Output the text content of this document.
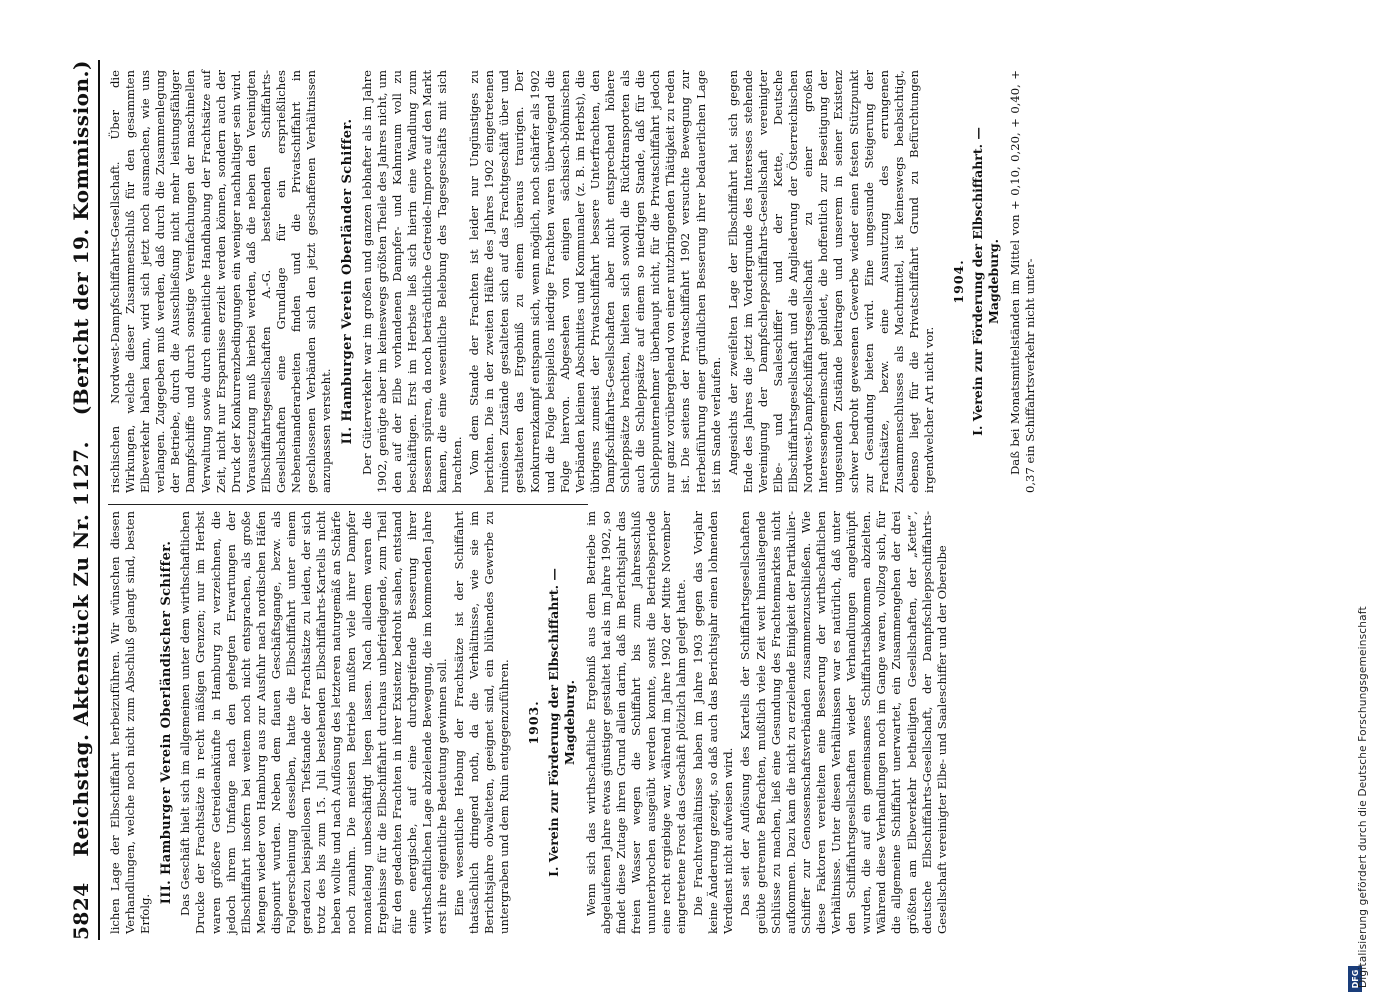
5824
Reichstag. Aktenstück Zu Nr. 1127.
(Bericht der 19. Kommission.)

lichen Lage der Elbschiffahrt herbeizuführen. Wir wünschen diesen Verhandlungen, welche noch nicht zum Abschluß gelangt sind, besten Erfolg.

III. Hamburger Verein Oberländischer Schiffer. Das Geschäft hielt sich im allgemeinen unter dem wirthschaftlichen Drucke der Frachtsätze in recht mäßigen Grenzen; nur im Herbst waren größere Getreideankünfte in Hamburg zu verzeichnen, die jedoch ihrem Umfange nach den gehegten Erwartungen der Elbschiffahrt insofern bei weitem noch nicht entsprachen, als große Mengen wieder von Hamburg aus zur Ausfuhr nach nordischen Häfen disponirt wurden. Neben dem flauen Geschäftsgange, bezw. als Folgeerscheinung desselben, hatte die Elbschiffahrt unter einem geradezu beispiellosen Tiefstande der Frachtsätze zu leiden, der sich trotz des bis zum 15. Juli bestehenden Elbschiffahrts-Kartells nicht heben wollte und nach Auflösung des letzteren naturgemäß an Schärfe noch zunahm. Die meisten Betriebe mußten viele ihrer Dampfer monatelang unbeschäftigt liegen lassen. Nach alledem waren die Ergebnisse für die Elbschiffahrt durchaus unbefriedigende, zum Theil für den gedachten Frachten in ihrer Existenz bedroht sahen, entstand eine energische, auf eine durchgreifende Besserung ihrer wirthschaftlichen Lage abzielende Bewegung, die im kommenden Jahre erst ihre eigentliche Bedeutung gewinnen soll. Eine wesentliche Hebung der Frachtsätze ist der Schiffahrt thatsächlich dringend noth, da die Verhältnisse, wie sie im Berichtsjahre obwalteten, geeignet sind, ein blühendes Gewerbe zu untergraben und dem Ruin entgegenzuführen. 1903. I. Verein zur Förderung der Elbschiffahrt. —
Magdeburg. Wenn sich das wirthschaftliche Ergebniß aus dem Betriebe im abgelaufenen Jahre etwas günstiger gestaltet hat als im Jahre 1902, so findet diese Zutage ihren Grund allein darin, daß im Berichtsjahr das freien Wasser wegen die Schiffahrt bis zum Jahresschluß ununterbrochen ausgeübt werden konnte, sonst die Betriebsperiode eine recht ergiebige war, während im Jahre 1902 der Mitte November eingetretene Frost das Geschäft plötzlich lahm gelegt hatte. Die Frachtverhältnisse haben im Jahre 1903 gegen das Vorjahr keine Änderung gezeigt, so daß auch das Berichtsjahr einen lohnenden Verdienst nicht aufweisen wird. Das seit der Auflösung des Kartells der Schiffahrtsgesellschaften geübte getrennte Befrachten, mußtlich viele Zeit weit hinausliegende Schlüsse zu machen, ließ eine Gesundung des Frachtenmarktes nicht aufkommen. Dazu kam die nicht zu erzielende Einigkeit der Partikulier-Schiffer zur Genossenschaftsverbänden zusammenzuschließen. Wie diese Faktoren vereitelten eine Besserung der wirthschaftlichen Verhältnisse. Unter diesen Verhältnissen war es natürlich, daß unter den Schiffahrtsgesellschaften wieder Verhandlungen angeknüpft wurden, die auf ein gemeinsames Schiffahrtsabkommen abzielten. Während diese Verhandlungen noch im Gange waren, vollzog sich, für die allgemeine Schiffahrt unerwartet, ein Zusammengehen der drei größten am Elbeverkehr betheiligten Gesellschaften, der „Kette“, deutsche Elbschiffahrts-Gesellschaft, der Dampfschleppschiffahrts-Gesellschaft vereinigter Elbe- und Saaleschiffer und der Oberelbe

rischischen Nordwest-Dampfschiffahrts-Gesellschaft. Über die Wirkungen, welche dieser Zusammenschluß für den gesammten Elbeverkehr haben kann, wird sich jetzt noch ausmachen, wie uns verlangen. Zugegeben muß werden, daß durch die Zusammenlegung der Betriebe, durch die Ausschließung nicht mehr leistungsfähiger Dampfschiffe und durch sonstige Vereinfachungen der maschinellen Verwaltung sowie durch einheitliche Handhabung der Frachtsätze auf Zeit, nicht nur Ersparnisse erzielt werden können, sondern auch der Druck der Konkurrenzbedingungen ein weniger nachhaltiger sein wird. Voraussetzung muß hierbei werden, daß die neben den Vereinigten Elbschiffahrtsgesellschaften A.-G. bestehenden Schiffahrts-Gesellschaften eine Grundlage für ein ersprießliches Nebeneinanderarbeiten finden und die Privatschiffahrt in geschlossenen Verbänden sich den jetzt geschaffenen Verhältnissen anzupassen versteht. II. Hamburger Verein Oberländer Schiffer. Der Güterverkehr war im großen und ganzen lebhafter als im Jahre 1902, genügte aber im keineswegs größten Theile des Jahres nicht, um den auf der Elbe vorhandenen Dampfer- und Kahnraum voll zu beschäftigen. Erst im Herbste ließ sich hierin eine Wandlung zum Bessern spüren, da noch beträchtliche Getreide-Importe auf den Markt kamen, die eine wesentliche Belebung des Tagesgeschäfts mit sich brachten. Vom dem Stande der Frachten ist leider nur Ungünstiges zu berichten. Die in der zweiten Hälfte des Jahres 1902 eingetretenen ruinösen Zustände gestalteten sich auf das Frachtgeschäft über und gestalteten das Ergebniß zu einem überaus traurigen. Der Konkurrenzkampf entspann sich, wenn möglich, noch schärfer als 1902 und die Folge beispiellos niedrige Frachten waren überwiegend die Folge hiervon. Abgesehen von einigen sächsisch-böhmischen Verbänden kleinen Abschnittes und Kommunaler (z. B. im Herbst), die übrigens zumeist der Privatschiffahrt bessere Unterfrachten, den Dampfschiffahrts-Gesellschaften aber nicht entsprechend höhere Schleppsätze brachten, hielten sich sowohl die Rücktransporten als auch die Schleppsätze auf einem so niedrigen Stande, daß für die Schleppunternehmer überhaupt nicht, für die Privatschiffahrt jedoch nur ganz vorübergehend von einer nutzbringenden Thätigkeit zu reden ist. Die seitens der Privatschiffahrt 1902 versuchte Bewegung zur Herbeiführung einer gründlichen Besserung ihrer bedauerlichen Lage ist im Sande verlaufen. Angesichts der zweifelten Lage der Elbschiffahrt hat sich gegen Ende des Jahres die jetzt im Vordergrunde des Interesses stehende Vereinigung der Dampfschleppschiffahrts-Gesellschaft vereinigter Elbe- und Saaleschiffer und der Kette, Deutsche Elbschiffahrtsgesellschaft und die Angliederung der Österreichischen Nordwest-Dampfschiffahrtsgesellschaft zu einer großen Interessengemeinschaft gebildet, die hoffentlich zur Beseitigung der ungesunden Zustände beitragen und unserem in seiner Existenz schwer bedroht gewesenen Gewerbe wieder einen festen Stützpunkt zur Gesundung bieten wird. Eine ungesunde Steigerung der Frachtsätze, bezw. eine Ausnutzung des errungenen Zusammenschlusses als Machtmittel, ist keineswegs beabsichtigt, ebenso liegt für die Privatschiffahrt Grund zu Befürchtungen irgendwelcher Art nicht vor.

1904. I. Verein zur Förderung der Elbschiffahrt. —
Magdeburg. Daß bei Monatsmittelständen im Mittel von + 0,10, 0,20, + 0,40, + 0,37 ein Schiffahrtsverkehr nicht unter-

DFG
Digitalisierung gefördert durch die Deutsche Forschungsgemeinschaft
